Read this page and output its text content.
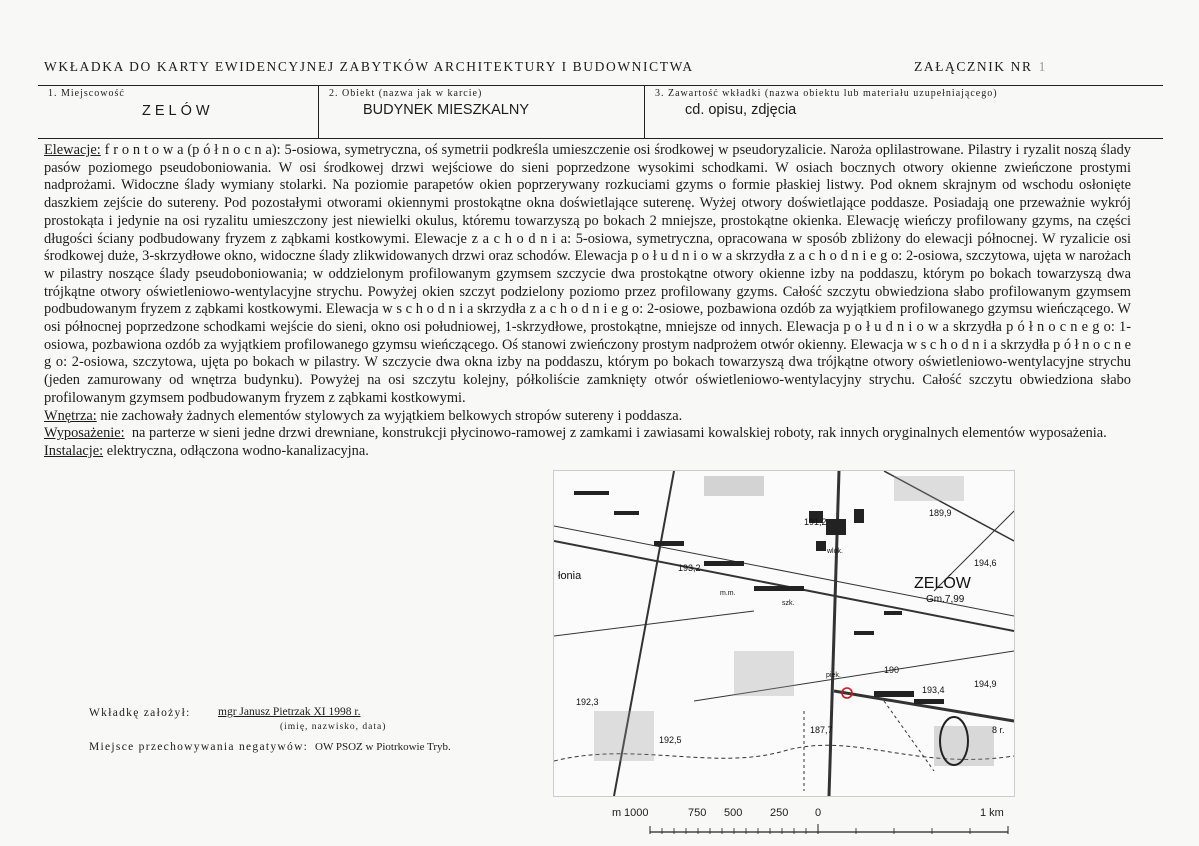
WKŁADKA DO KARTY EWIDENCYJNEJ ZABYTKÓW ARCHITEKTURY I BUDOWNICTWA	ZAŁĄCZNIK NR 1
1. Miejscowość
ZELÓW
2. Obiekt (nazwa jak w karcie)
BUDYNEK MIESZKALNY
3. Zawartość wkładki (nazwa obiektu lub materiału uzupełniającego)
cd. opisu, zdjęcia

Elewacje: f r o n t o w a (p ó ł n o c n a): 5-osiowa, symetryczna, oś symetrii podkreśla umieszczenie osi środkowej w pseudoryzalicie. Naroża oplilastrowane. Pilastry i ryzalit noszą ślady pasów poziomego pseudoboniowania. W osi środkowej drzwi wejściowe do sieni poprzedzone wysokimi schodkami. W osiach bocznych otwory okienne zwieńczone prostymi nadprożami. Widoczne ślady wymiany stolarki. Na poziomie parapetów okien poprzerywany rozkuciami gzyms o formie płaskiej listwy. Pod oknem skrajnym od wschodu osłonięte daszkiem zejście do sutereny. Pod pozostałymi otworami okiennymi prostokątne okna doświetlające suterenę. Wyżej otwory doświetlające poddasze. Posiadają one przeważnie wykrój prostokąta i jedynie na osi ryzalitu umieszczony jest niewielki okulus, któremu towarzyszą po bokach 2 mniejsze, prostokątne okienka. Elewację wieńczy profilowany gzyms, na części długości ściany podbudowany fryzem z ząbkami kostkowymi. Elewacje z a c h o d n i a: 5-osiowa, symetryczna, opracowana w sposób zbliżony do elewacji północnej. W ryzalicie osi środkowej duże, 3-skrzydłowe okno, widoczne ślady zlikwidowanych drzwi oraz schodów. Elewacja p o ł u d n i o w a skrzydła z a c h o d n i e g o: 2-osiowa, szczytowa, ujęta w narożach w pilastry noszące ślady pseudoboniowania; w oddzielonym profilowanym gzymsem szczycie dwa prostokątne otwory okienne izby na poddaszu, którym po bokach towarzyszą dwa trójkątne otwory oświetleniowo-wentylacyjne strychu. Powyżej okien szczyt podzielony poziomo przez profilowany gzyms. Całość szczytu obwiedziona słabo profilowanym gzymsem podbudowanym fryzem z ząbkami kostkowymi. Elewacja w s c h o d n i a skrzydła z a c h o d n i e g o: 2-osiowe, pozbawiona ozdób za wyjątkiem profilowanego gzymsu wieńczącego. W osi północnej poprzedzone schodkami wejście do sieni, okno osi południowej, 1-skrzydłowe, prostokątne, mniejsze od innych. Elewacja p o ł u d n i o w a skrzydła p ó ł n o c n e g o: 1-osiowa, pozbawiona ozdób za wyjątkiem profilowanego gzymsu wieńczącego. Oś stanowi zwieńczony prostym nadprożem otwór okienny. Elewacja w s c h o d n i a skrzydła p ó ł n o c n e g o: 2-osiowa, szczytowa, ujęta po bokach w pilastry. W szczycie dwa okna izby na poddaszu, którym po bokach towarzyszą dwa trójkątne otwory oświetleniowo-wentylacyjne strychu (jeden zamurowany od wnętrza budynku). Powyżej na osi szczytu kolejny, półkoliście zamknięty otwór oświetleniowo-wentylacyjny strychu. Całość szczytu obwiedziona słabo profilowanym gzymsem podbudowanym fryzem z ząbkami kostkowymi.

Wnętrza: nie zachowały żadnych elementów stylowych za wyjątkiem belkowych stropów sutereny i poddasza.

Wyposażenie: na parterze w sieni jedne drzwi drewniane, konstrukcji płycinowo-ramowej z zamkami i zawiasami kowalskiej roboty, rak innych oryginalnych elementów wyposażenia.

Instalacje: elektryczna, odłączona wodno-kanalizacyjna.

ZELÓW
Gm.7,99
łonia
189,9
191,2
193,2	194,6
190
193,4
194,9
192,3
192,5
187,7
wlók.
m.m.
szk.
piek.
8 r.
m 1000	750 500	250 0	1 km
Wkładkę założył: mgr Janusz Pietrzak XI 1998 r.
(imię, nazwisko, data)
Miejsce przechowywania negatywów: OW PSOZ w Piotrkowie Tryb.
